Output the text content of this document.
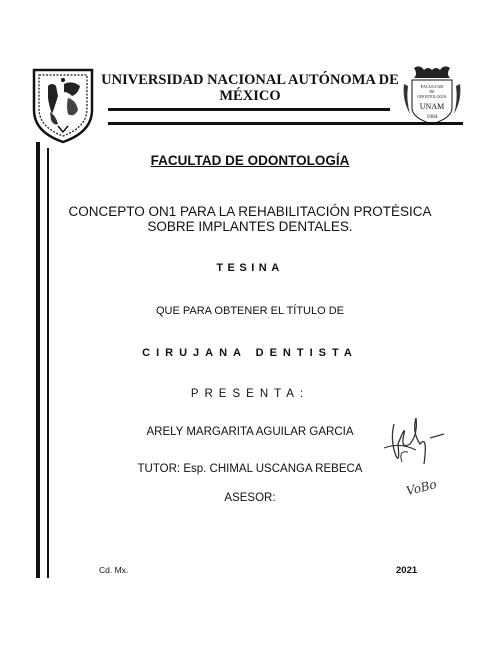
UNIVERSIDAD NACIONAL AUTÓNOMA DE
MÉXICO
FACULTAD
DE
ODONTOLOGÍA
UNAM
1904
FACULTAD DE ODONTOLOGÍA
CONCEPTO ON1 PARA LA REHABILITACIÓN PROTÉSICA
SOBRE IMPLANTES DENTALES.
TESINA
QUE PARA OBTENER EL TÍTULO DE
CIRUJANA DENTISTA
PRESENTA:
ARELY MARGARITA AGUILAR GARCIA
TUTOR: Esp. CHIMAL USCANGA REBECA
ASESOR:	VoBo
Cd. Mx.	2021
